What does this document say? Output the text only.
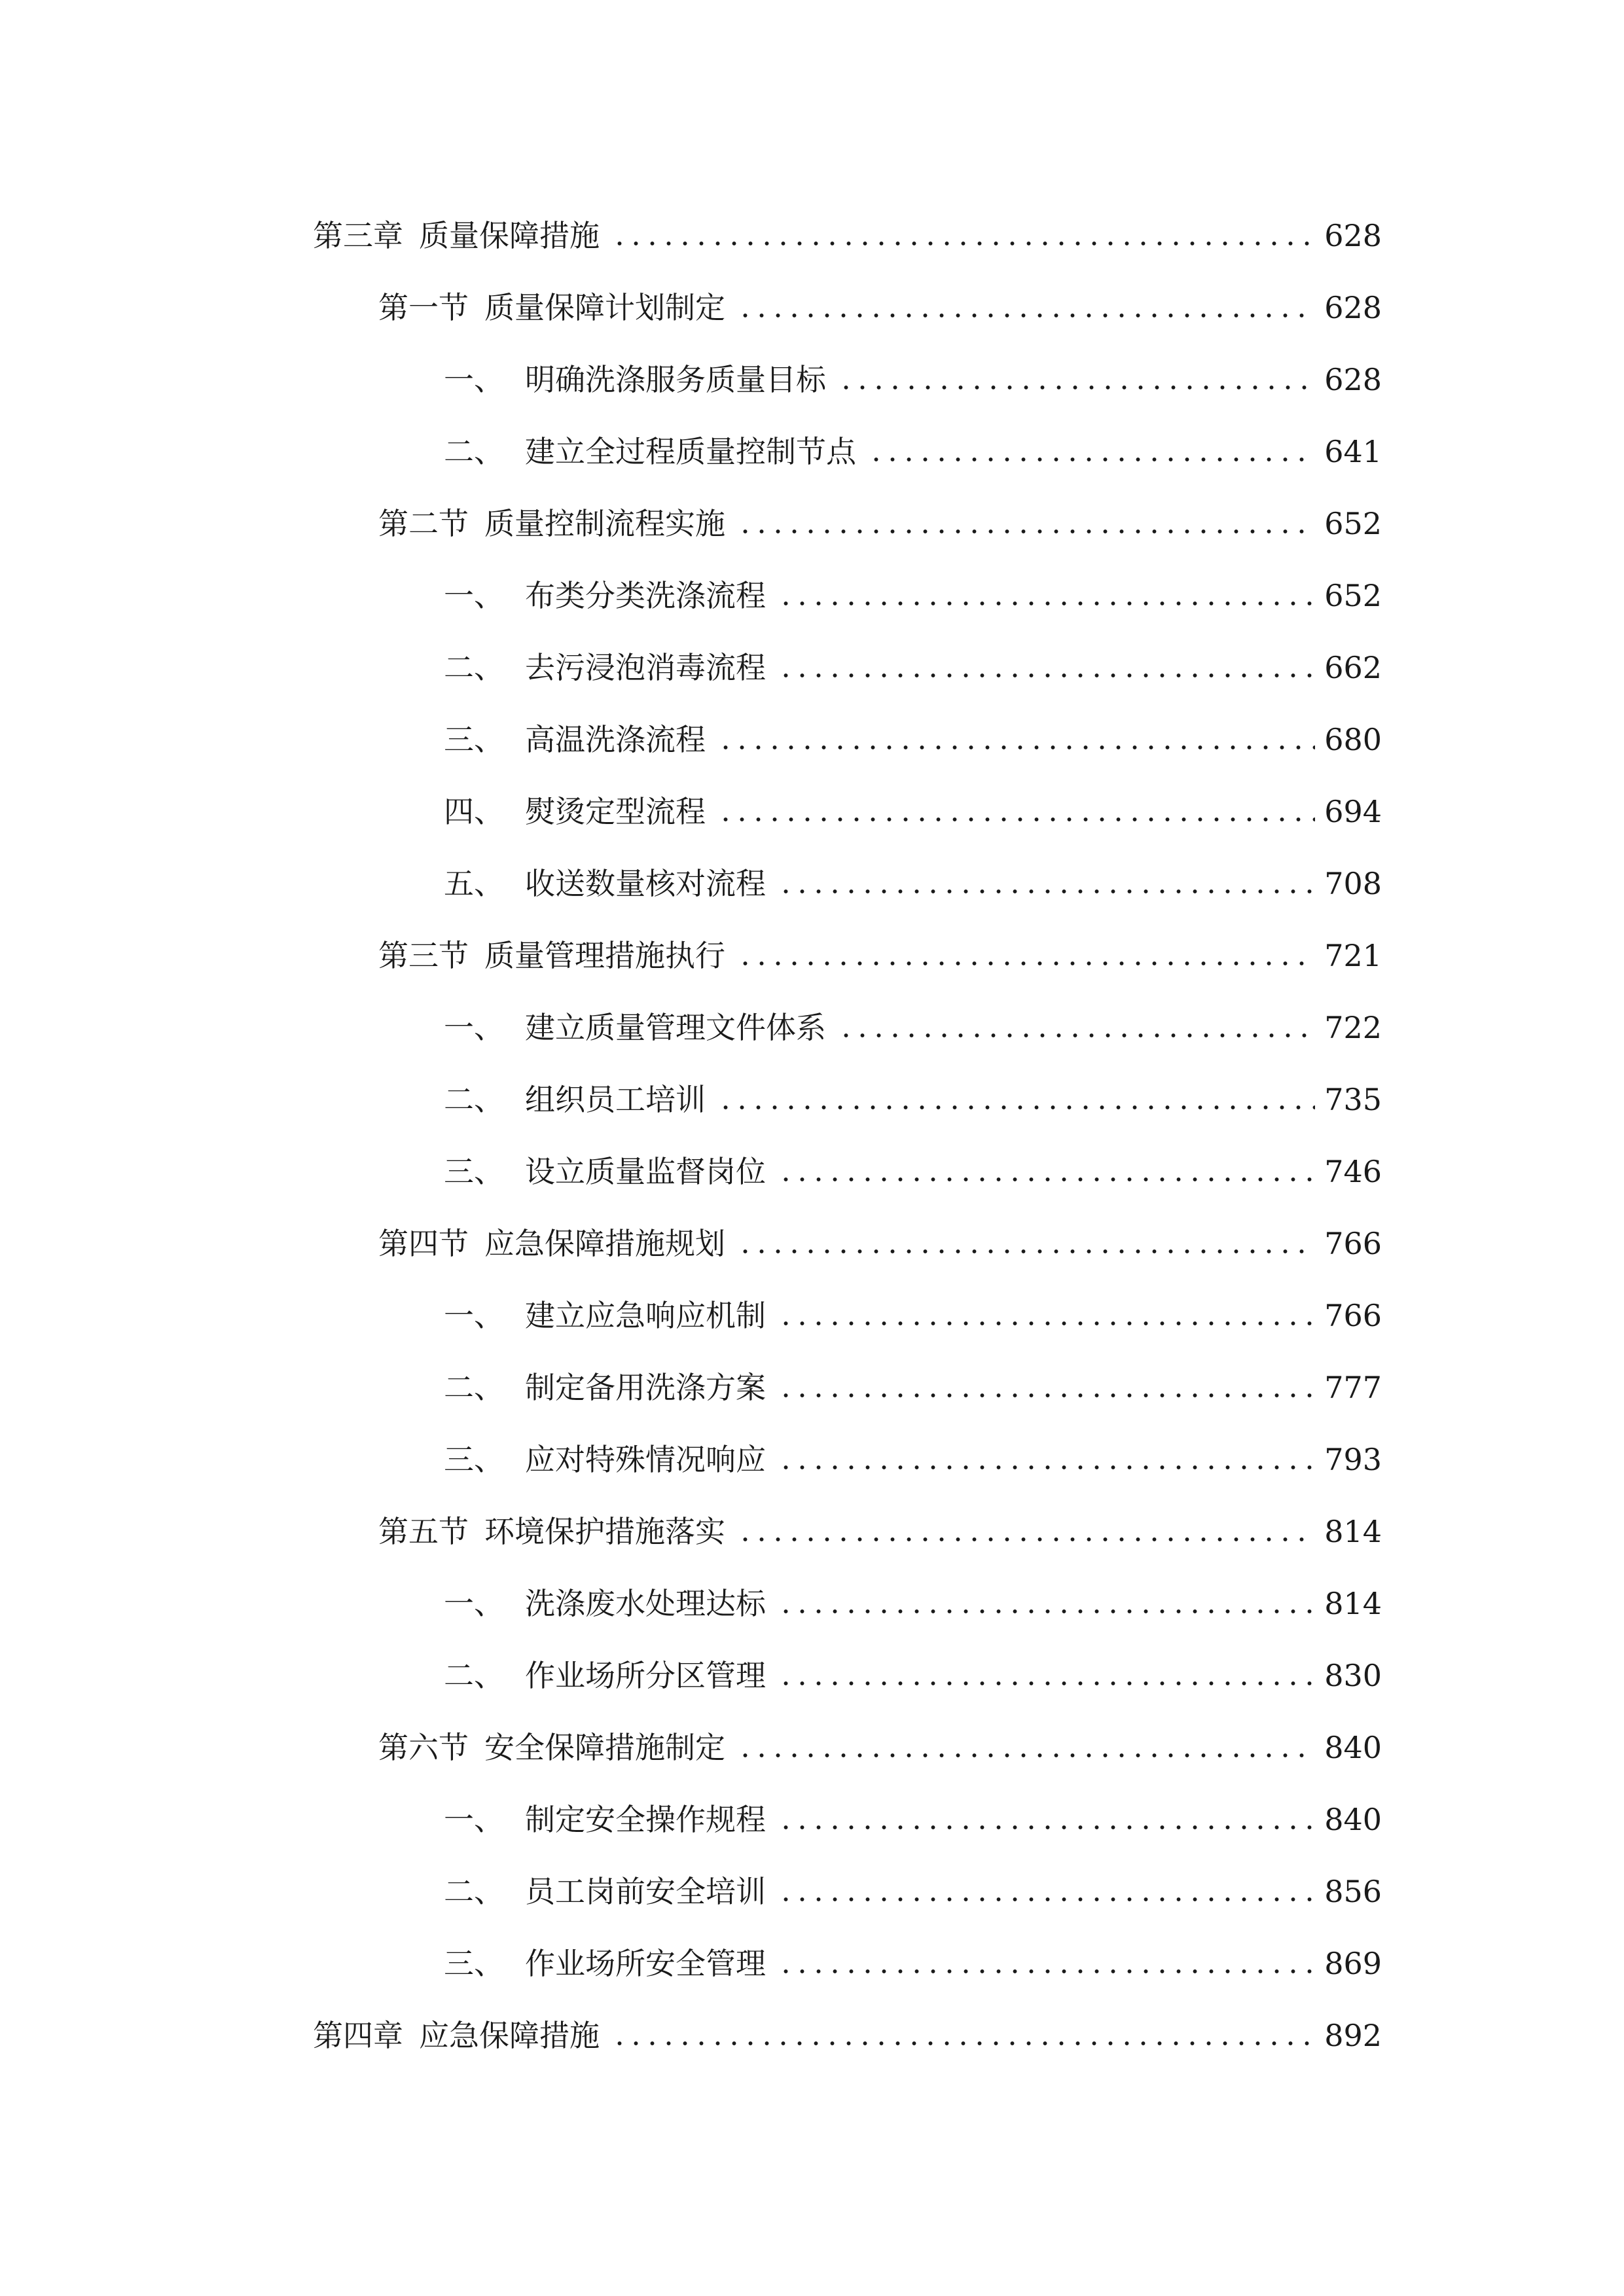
第三章 质量保障措施	628
第一节 质量保障计划制定	628
一、 明确洗涤服务质量目标	628
二、 建立全过程质量控制节点	641
第二节 质量控制流程实施	652
一、 布类分类洗涤流程	652
二、 去污浸泡消毒流程	662
三、 高温洗涤流程	680
四、 熨烫定型流程	694
五、 收送数量核对流程	708
第三节 质量管理措施执行	721
一、 建立质量管理文件体系	722
二、 组织员工培训	735
三、 设立质量监督岗位	746
第四节 应急保障措施规划	766
一、 建立应急响应机制	766
二、 制定备用洗涤方案	777
三、 应对特殊情况响应	793
第五节 环境保护措施落实	814
一、 洗涤废水处理达标	814
二、 作业场所分区管理	830
第六节 安全保障措施制定	840
一、 制定安全操作规程	840
二、 员工岗前安全培训	856
三、 作业场所安全管理	869
第四章 应急保障措施	892
